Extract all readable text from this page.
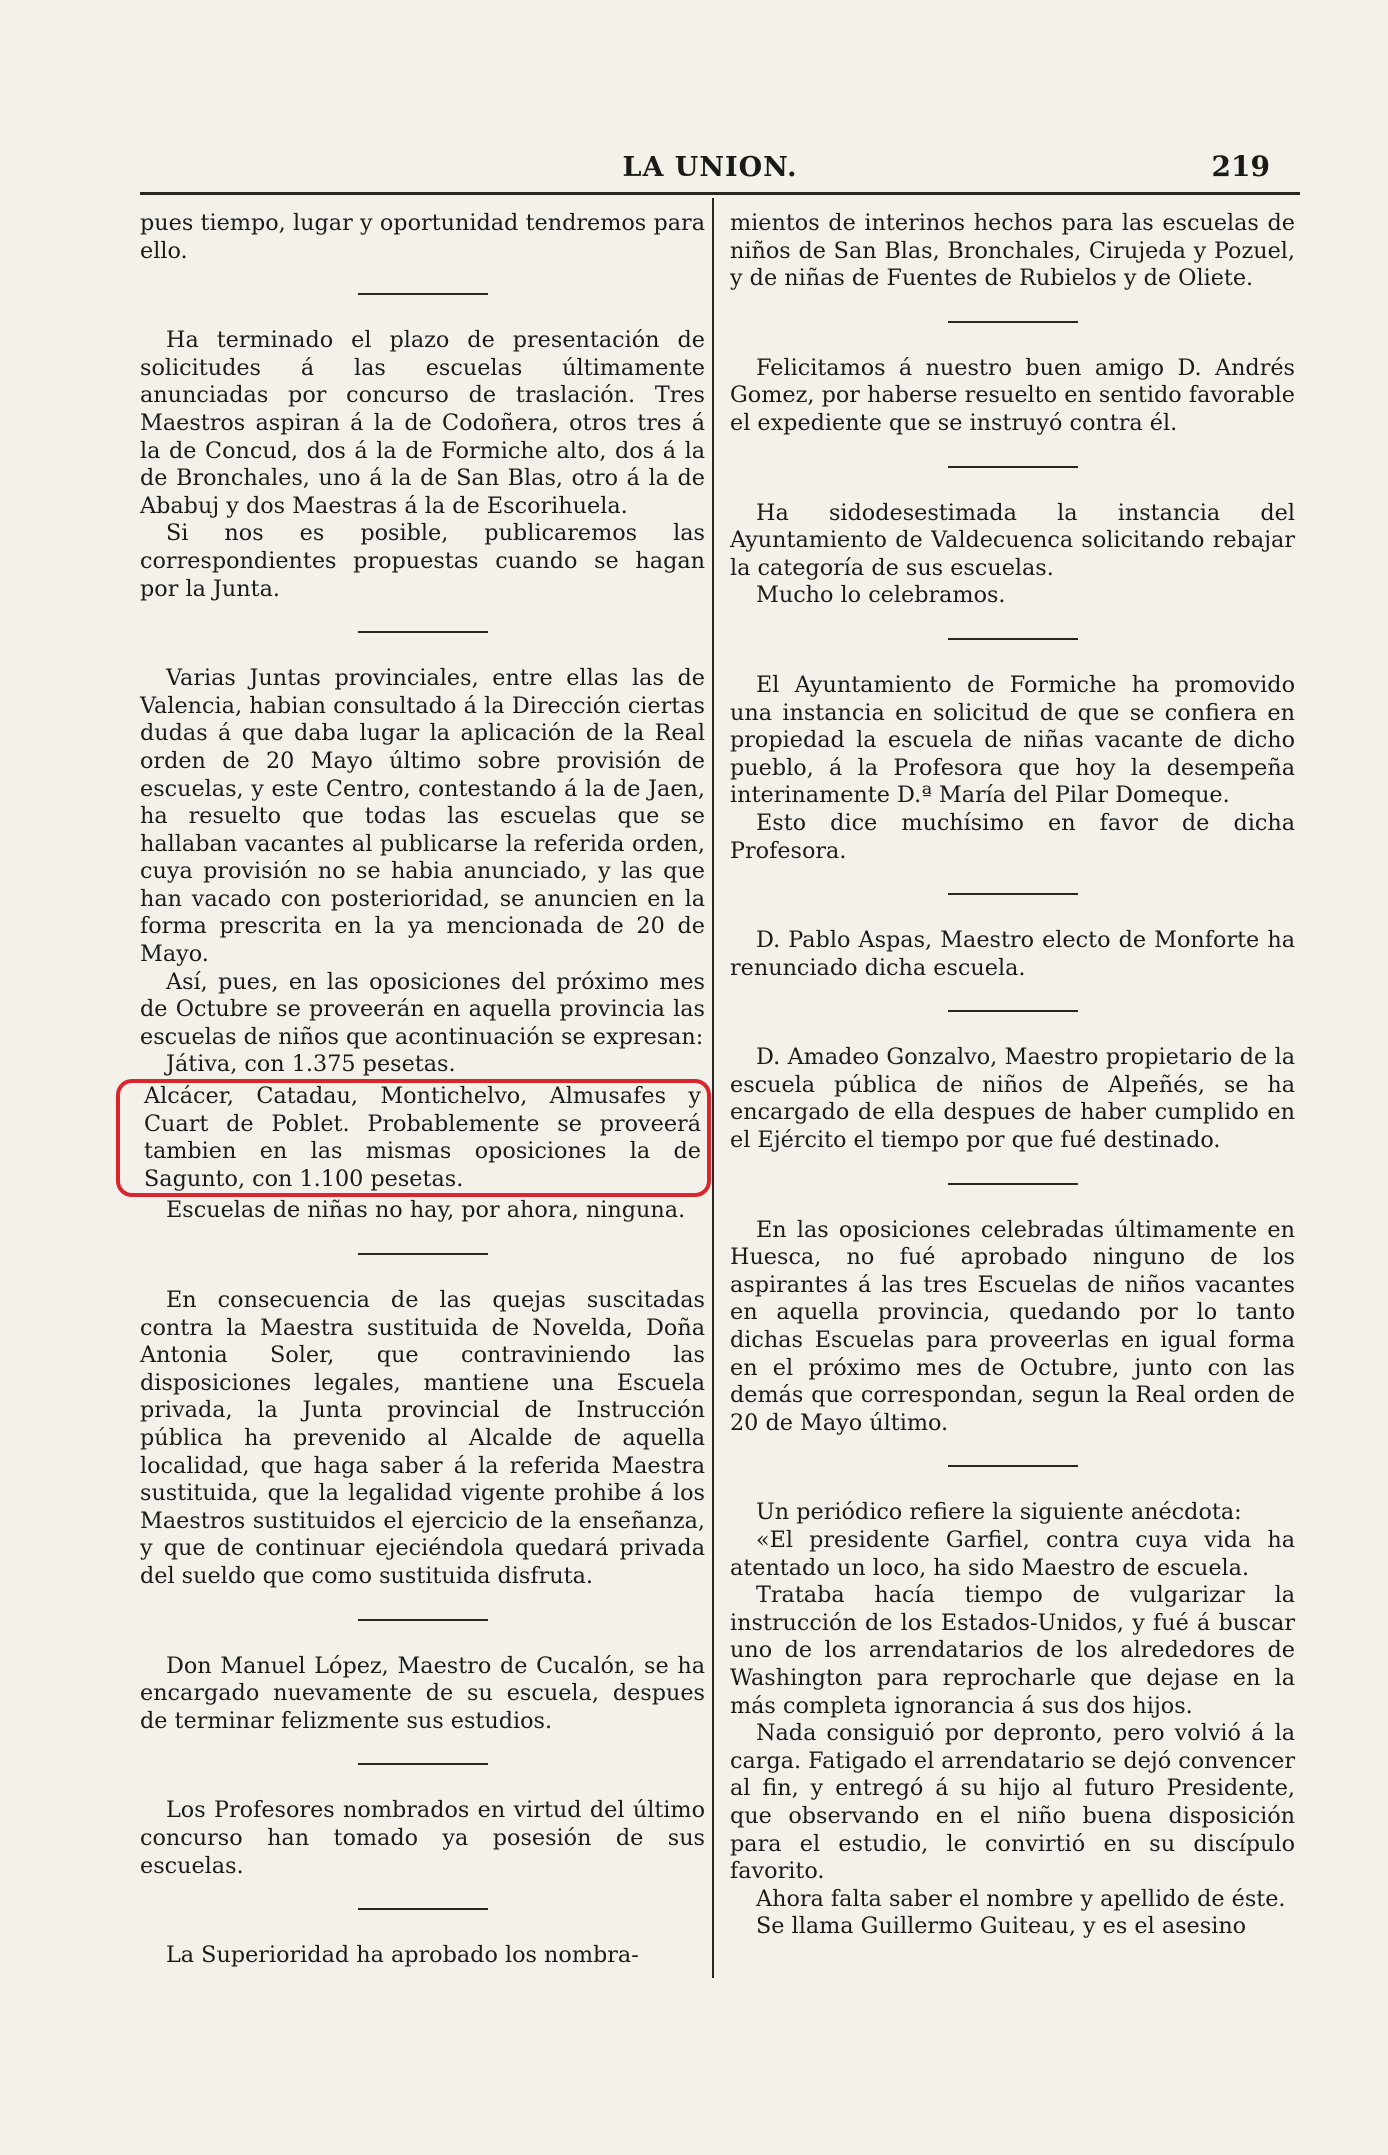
LA UNION.	219

pues tiempo, lugar y oportunidad tendremos para ello.

Ha terminado el plazo de presentación de solicitudes á las escuelas últimamente anunciadas por concurso de traslación. Tres Maestros aspiran á la de Codoñera, otros tres á la de Concud, dos á la de Formiche alto, dos á la de Bronchales, uno á la de San Blas, otro á la de Ababuj y dos Maestras á la de Escorihuela.

Si nos es posible, publicaremos las correspondientes propuestas cuando se hagan por la Junta.

Varias Juntas provinciales, entre ellas las de Valencia, habian consultado á la Dirección ciertas dudas á que daba lugar la aplicación de la Real orden de 20 Mayo último sobre provisión de escuelas, y este Centro, contestando á la de Jaen, ha resuelto que todas las escuelas que se hallaban vacantes al publicarse la referida orden, cuya provisión no se habia anunciado, y las que han vacado con posterioridad, se anuncien en la forma prescrita en la ya mencionada de 20 de Mayo.

Así, pues, en las oposiciones del próximo mes de Octubre se proveerán en aquella provincia las escuelas de niños que acontinuación se expresan:

Játiva, con 1.375 pesetas.

Alcácer, Catadau, Montichelvo, Almusafes y Cuart de Poblet. Probablemente se proveerá tambien en las mismas oposiciones la de Sagunto, con 1.100 pesetas.

Escuelas de niñas no hay, por ahora, ninguna.

En consecuencia de las quejas suscitadas contra la Maestra sustituida de Novelda, Doña Antonia Soler, que contraviniendo las disposiciones legales, mantiene una Escuela privada, la Junta provincial de Instrucción pública ha prevenido al Alcalde de aquella localidad, que haga saber á la referida Maestra sustituida, que la legalidad vigente prohibe á los Maestros sustituidos el ejercicio de la enseñanza, y que de continuar ejeciéndola quedará privada del sueldo que como sustituida disfruta.

Don Manuel López, Maestro de Cucalón, se ha encargado nuevamente de su escuela, despues de terminar felizmente sus estudios.

Los Profesores nombrados en virtud del último concurso han tomado ya posesión de sus escuelas.

La Superioridad ha aprobado los nombra-

mientos de interinos hechos para las escuelas de niños de San Blas, Bronchales, Cirujeda y Pozuel, y de niñas de Fuentes de Rubielos y de Oliete.

Felicitamos á nuestro buen amigo D. Andrés Gomez, por haberse resuelto en sentido favorable el expediente que se instruyó contra él.

Ha sidodesestimada la instancia del Ayuntamiento de Valdecuenca solicitando rebajar la categoría de sus escuelas.

Mucho lo celebramos.

El Ayuntamiento de Formiche ha promovido una instancia en solicitud de que se confiera en propiedad la escuela de niñas vacante de dicho pueblo, á la Profesora que hoy la desempeña interinamente D.ª María del Pilar Domeque.

Esto dice muchísimo en favor de dicha Profesora.

D. Pablo Aspas, Maestro electo de Monforte ha renunciado dicha escuela.

D. Amadeo Gonzalvo, Maestro propietario de la escuela pública de niños de Alpeñés, se ha encargado de ella despues de haber cumplido en el Ejército el tiempo por que fué destinado.

En las oposiciones celebradas últimamente en Huesca, no fué aprobado ninguno de los aspirantes á las tres Escuelas de niños vacantes en aquella provincia, quedando por lo tanto dichas Escuelas para proveerlas en igual forma en el próximo mes de Octubre, junto con las demás que correspondan, segun la Real orden de 20 de Mayo último.

Un periódico refiere la siguiente anécdota:

«El presidente Garfiel, contra cuya vida ha atentado un loco, ha sido Maestro de escuela.

Trataba hacía tiempo de vulgarizar la instrucción de los Estados-Unidos, y fué á buscar uno de los arrendatarios de los alrededores de Washington para reprocharle que dejase en la más completa ignorancia á sus dos hijos.

Nada consiguió por depronto, pero volvió á la carga. Fatigado el arrendatario se dejó convencer al fin, y entregó á su hijo al futuro Presidente, que observando en el niño buena disposición para el estudio, le convirtió en su discípulo favorito.

Ahora falta saber el nombre y apellido de éste.

Se llama Guillermo Guiteau, y es el asesino
